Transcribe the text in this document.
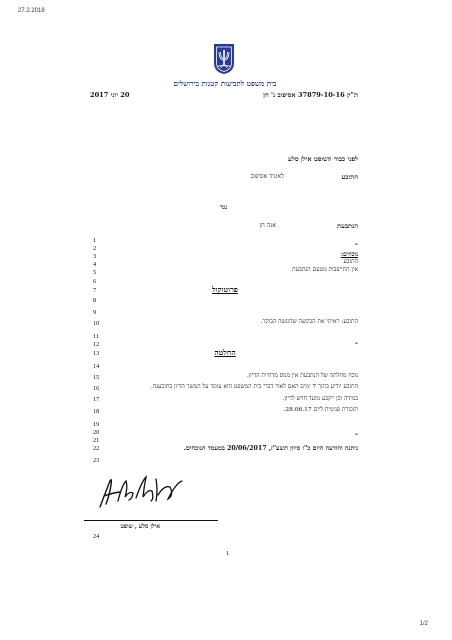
27.2.2018
1/2
בית משפט לתביעות קטנות בירושלים
ת"ק 37879-10-16 אסיפוב נ' חן
20 יוני 2017
לפני כבוד השופט אילן סלע
התובע
לאוניד אסיפוב
נגד
הנתבעת
אנה חן
1
2
3
4
5
6
7
8
9
10
11
12
13
14
15
16
17
18
19
20
21
22
23
24
–
נוכחים:
התובע
אין התייצבות מטעם הנתבעת
פרוטוקול
התובע: ראיתי את הבקשה שהוגשה הבוקר.
–
החלטה
נוכח מחלתה של הנתבעת אין מנוס מדחיית הדיון.
התובע יודיע בתוך 7 ימים האם לאור דברי בית המשפט הוא עומד על המשך הדיון בתובענה.
במידה וכן ייקבע מועד חדש לדיון.
תזכורת פנימית ליום 28.06.17.
–
ניתנה והודעה היום כ"ו סיוון תשע"ז, 20/06/2017 במעמד הנוכחים.
אילן סלע , שופט
1
